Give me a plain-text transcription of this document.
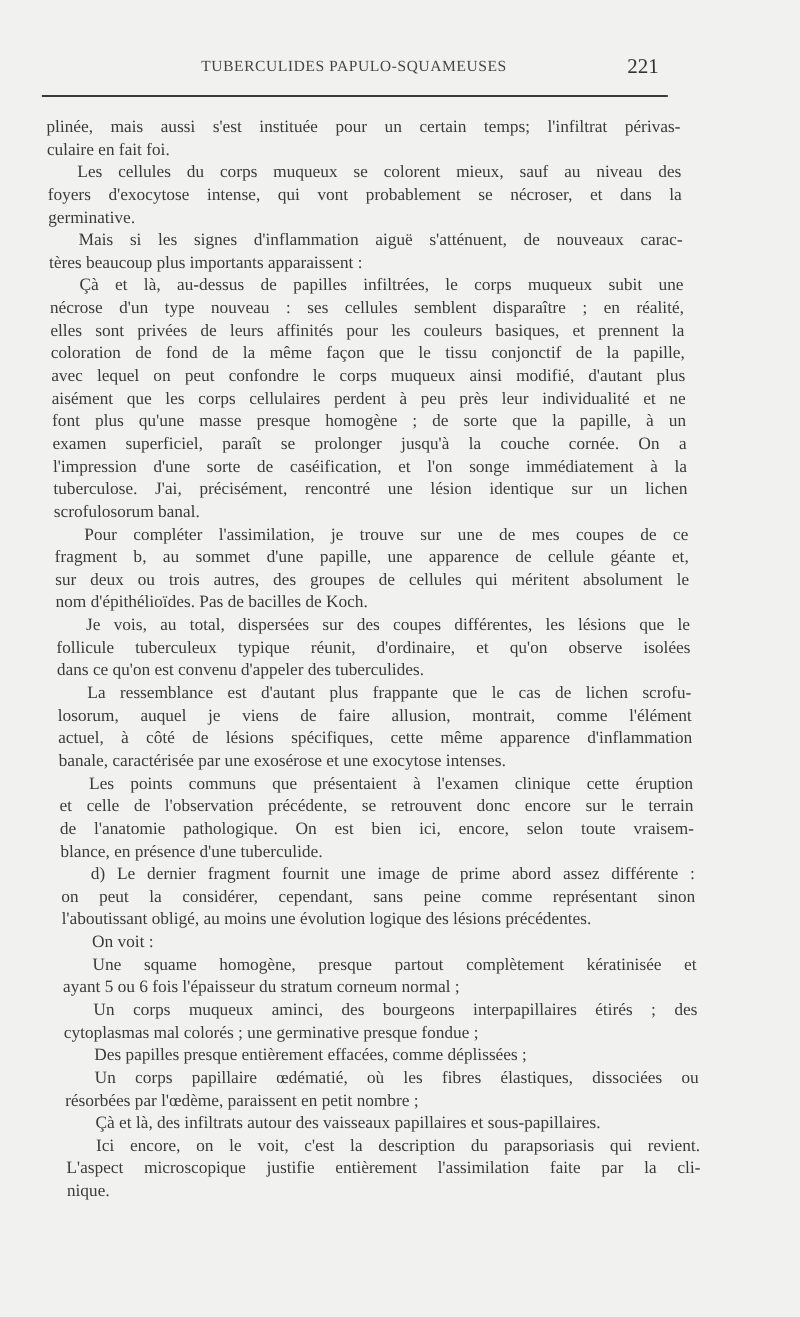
TUBERCULIDES PAPULO-SQUAMEUSES	221
plinée, mais aussi s'est instituée pour un certain temps; l'infiltrat périvas-
culaire en fait foi.
Les cellules du corps muqueux se colorent mieux, sauf au niveau des
foyers d'exocytose intense, qui vont probablement se nécroser, et dans la
germinative.
Mais si les signes d'inflammation aiguë s'atténuent, de nouveaux carac-
tères beaucoup plus importants apparaissent :
Çà et là, au-dessus de papilles infiltrées, le corps muqueux subit une
nécrose d'un type nouveau : ses cellules semblent disparaître ; en réalité,
elles sont privées de leurs affinités pour les couleurs basiques, et prennent la
coloration de fond de la même façon que le tissu conjonctif de la papille,
avec lequel on peut confondre le corps muqueux ainsi modifié, d'autant plus
aisément que les corps cellulaires perdent à peu près leur individualité et ne
font plus qu'une masse presque homogène ; de sorte que la papille, à un
examen superficiel, paraît se prolonger jusqu'à la couche cornée. On a
l'impression d'une sorte de caséification, et l'on songe immédiatement à la
tuberculose. J'ai, précisément, rencontré une lésion identique sur un lichen
scrofulosorum banal.
Pour compléter l'assimilation, je trouve sur une de mes coupes de ce
fragment b, au sommet d'une papille, une apparence de cellule géante et,
sur deux ou trois autres, des groupes de cellules qui méritent absolument le
nom d'épithélioïdes. Pas de bacilles de Koch.
Je vois, au total, dispersées sur des coupes différentes, les lésions que le
follicule tuberculeux typique réunit, d'ordinaire, et qu'on observe isolées
dans ce qu'on est convenu d'appeler des tuberculides.
La ressemblance est d'autant plus frappante que le cas de lichen scrofu-
losorum, auquel je viens de faire allusion, montrait, comme l'élément
actuel, à côté de lésions spécifiques, cette même apparence d'inflammation
banale, caractérisée par une exosérose et une exocytose intenses.
Les points communs que présentaient à l'examen clinique cette éruption
et celle de l'observation précédente, se retrouvent donc encore sur le terrain
de l'anatomie pathologique. On est bien ici, encore, selon toute vraisem-
blance, en présence d'une tuberculide.
d) Le dernier fragment fournit une image de prime abord assez différente :
on peut la considérer, cependant, sans peine comme représentant sinon
l'aboutissant obligé, au moins une évolution logique des lésions précédentes.
On voit :
Une squame homogène, presque partout complètement kératinisée et
ayant 5 ou 6 fois l'épaisseur du stratum corneum normal ;
Un corps muqueux aminci, des bourgeons interpapillaires étirés ; des
cytoplasmas mal colorés ; une germinative presque fondue ;
Des papilles presque entièrement effacées, comme déplissées ;
Un corps papillaire œdématié, où les fibres élastiques, dissociées ou
résorbées par l'œdème, paraissent en petit nombre ;
Çà et là, des infiltrats autour des vaisseaux papillaires et sous-papillaires.
Ici encore, on le voit, c'est la description du parapsoriasis qui revient.
L'aspect microscopique justifie entièrement l'assimilation faite par la cli-
nique.
